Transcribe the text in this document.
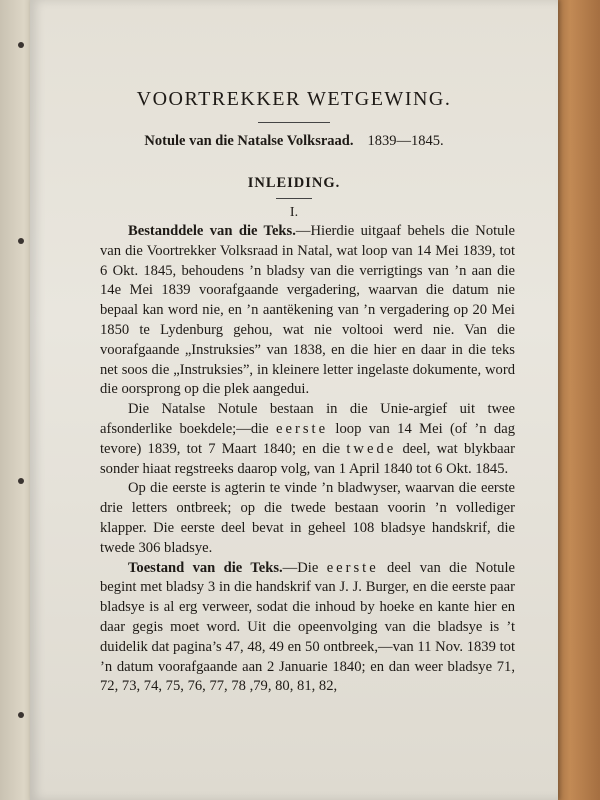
VOORTREKKER WETGEWING.
Notule van die Natalse Volksraad. 1839—1845.
INLEIDING.
I.

Bestanddele van die Teks.—Hierdie uitgaaf behels die Notule van die Voortrekker Volksraad in Natal, wat loop van 14 Mei 1839, tot 6 Okt. 1845, behoudens ’n bladsy van die verrigtings van ’n aan die 14e Mei 1839 voorafgaande vergadering, waarvan die datum nie bepaal kan word nie, en ’n aantëkening van ’n vergadering op 20 Mei 1850 te Lydenburg gehou, wat nie voltooi werd nie. Van die voorafgaande „Instruksies” van 1838, en die hier en daar in die teks net soos die „Instruksies”, in kleinere letter ingelaste dokumente, word die oorsprong op die plek aangedui.

Die Natalse Notule bestaan in die Unie-argief uit twee afsonderlike boekdele;—die eerste loop van 14 Mei (of ’n dag tevore) 1839, tot 7 Maart 1840; en die twede deel, wat blykbaar sonder hiaat regstreeks daarop volg, van 1 April 1840 tot 6 Okt. 1845.

Op die eerste is agterin te vinde ’n bladwyser, waarvan die eerste drie letters ontbreek; op die twede bestaan voorin ’n vollediger klapper. Die eerste deel bevat in geheel 108 bladsye handskrif, die twede 306 bladsye.

Toestand van die Teks.—Die eerste deel van die Notule begint met bladsy 3 in die handskrif van J. J. Burger, en die eerste paar bladsye is al erg verweer, sodat die inhoud by hoeke en kante hier en daar gegis moet word. Uit die opeenvolging van die bladsye is ’t duidelik dat pagina’s 47, 48, 49 en 50 ontbreek,—van 11 Nov. 1839 tot ’n datum voorafgaande aan 2 Januarie 1840; en dan weer bladsye 71, 72, 73, 74, 75, 76, 77, 78 ,79, 80, 81, 82,
